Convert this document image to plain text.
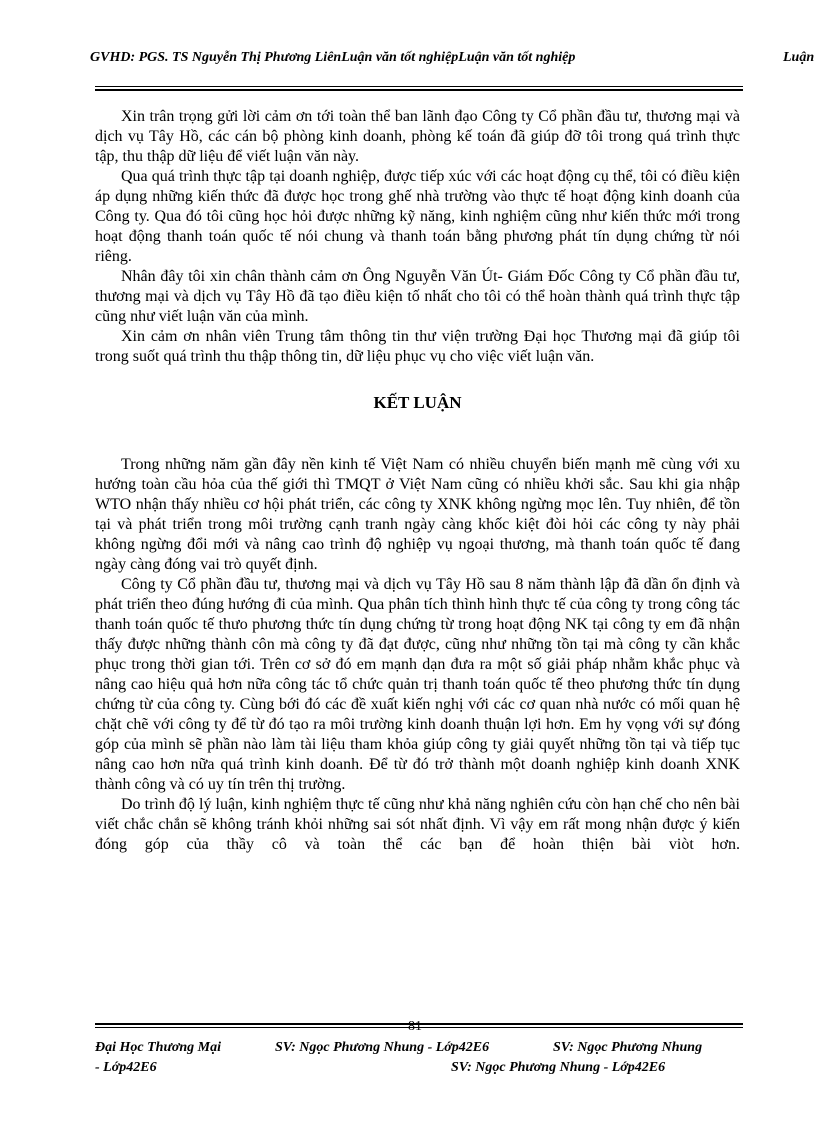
GVHD: PGS. TS Nguyễn Thị Phương LiênLuận văn tốt nghiệpLuận văn tốt nghiệp	Luận

Xin trân trọng gửi lời cảm ơn tới toàn thể ban lãnh đạo Công ty Cổ phần đầu tư, thương mại và dịch vụ Tây Hồ, các cán bộ phòng kinh doanh, phòng kế toán đã giúp đỡ tôi trong quá trình thực tập, thu thập dữ liệu để viết luận văn này.

Qua quá trình thực tập tại doanh nghiệp, được tiếp xúc với các hoạt động cụ thể, tôi có điều kiện áp dụng những kiến thức đã được học trong ghế nhà trường vào thực tế hoạt động kinh doanh của Công ty. Qua đó tôi cũng học hỏi được những kỹ năng, kinh nghiệm cũng như kiến thức mới trong hoạt động thanh toán quốc tế nói chung và thanh toán bằng phương phát tín dụng chứng từ nói riêng.

Nhân đây tôi xin chân thành cảm ơn Ông Nguyễn Văn Út- Giám Đốc Công ty Cổ phần đầu tư, thương mại và dịch vụ Tây Hồ đã tạo điều kiện tố nhất cho tôi có thể hoàn thành quá trình thực tập cũng như viết luận văn của mình.

Xin cảm ơn nhân viên Trung tâm thông tin thư viện trường Đại học Thương mại đã giúp tôi trong suốt quá trình thu thập thông tin, dữ liệu phục vụ cho việc viết luận văn.

KẾT LUẬN

Trong những năm gần đây nền kinh tế Việt Nam có nhiều chuyển biến mạnh mẽ cùng với xu hướng toàn cầu hỏa của thế giới thì TMQT ở Việt Nam cũng có nhiều khởi sắc. Sau khi gia nhập WTO nhận thấy nhiều cơ hội phát triển, các công ty XNK không ngừng mọc lên. Tuy nhiên, để tồn tại và phát triển trong môi trường cạnh tranh ngày càng khốc kiệt đòi hỏi các công ty này phải không ngừng đổi mới và nâng cao trình độ nghiệp vụ ngoại thương, mà thanh toán quốc tế đang ngày càng đóng vai trò quyết định.

Công ty Cổ phần đầu tư, thương mại và dịch vụ Tây Hồ sau 8 năm thành lập đã dần ổn định và phát triển theo đúng hướng đi của mình. Qua phân tích thình hình thực tế của công ty trong công tác thanh toán quốc tế thưo phương thức tín dụng chứng từ trong hoạt động NK tại công ty em đã nhận thấy được những thành côn mà công ty đã đạt được, cũng như những tồn tại mà công ty cần khắc phục trong thời gian tới. Trên cơ sở đó em mạnh dạn đưa ra một số giải pháp nhằm khắc phục và nâng cao hiệu quả hơn nữa công tác tổ chức quản trị thanh toán quốc tế theo phương thức tín dụng chứng từ của công ty. Cùng bới đó các đề xuất kiến nghị với các cơ quan nhà nước có mối quan hệ chặt chẽ với công ty để từ đó tạo ra môi trường kinh doanh thuận lợi hơn. Em hy vọng với sự đóng góp của mình sẽ phần nào làm tài liệu tham khỏa giúp công ty giải quyết những tồn tại và tiếp tục nâng cao hơn nữa quá trình kinh doanh. Để từ đó trở thành một doanh nghiệp kinh doanh XNK thành công và có uy tín trên thị trường.

Do trình độ lý luận, kinh nghiệm thực tế cũng như khả năng nghiên cứu còn hạn chế cho nên bài viết chắc chắn sẽ không tránh khỏi những sai sót nhất định. Vì vậy em rất mong nhận được ý kiến đóng góp của thầy cô và toàn thể các bạn để hoàn thiện bài viòt hơn.

81
Đại Học Thương Mại	SV: Ngọc Phương Nhung - Lớp42E6	SV: Ngọc Phương Nhung
- Lớp42E6	SV: Ngọc Phương Nhung - Lớp42E6
